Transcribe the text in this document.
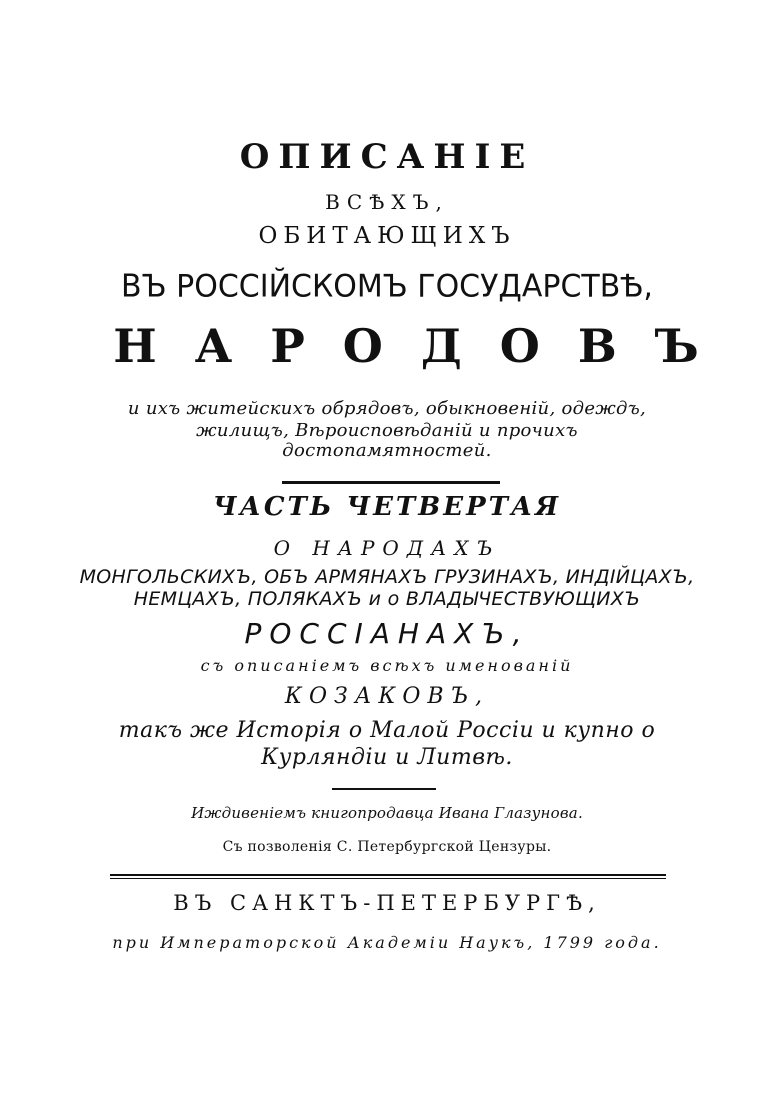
ОПИСАНІЕ
ВСѢХЪ,
ОБИТАЮЩИХЪ
ВЪ РОССІЙСКОМЪ ГОСУДАРСТВѢ,
НАРОДОВЪ
и ихъ житейскихъ обрядовъ, обыкновеній, одеждъ,
жилищъ, Вѣроисповѣданій и прочихъ
достопамятностей.
ЧАСТЬ ЧЕТВЕРТАЯ
О НАРОДАХЪ
МОНГОЛЬСКИХЪ, ОБЪ АРМЯНАХЪ ГРУЗИНАХЪ, ИНДІЙЦАХЪ,
НЕМЦАХЪ, ПОЛЯКАХЪ и о ВЛАДЫЧЕСТВУЮЩИХЪ
РОССІАНАХЪ,
съ описаніемъ всѣхъ именованій
КОЗАКОВЪ,
такъ же Исторія о Малой Россіи и купно о
Курляндіи и Литвѣ.
Иждивеніемъ книгопродавца Ивана Глазунова.
Съ позволенія С. Петербургской Цензуры.
ВЪ САНКТЪ-ПЕТЕРБУРГѢ,
при Императорской Академіи Наукъ, 1799 года.
